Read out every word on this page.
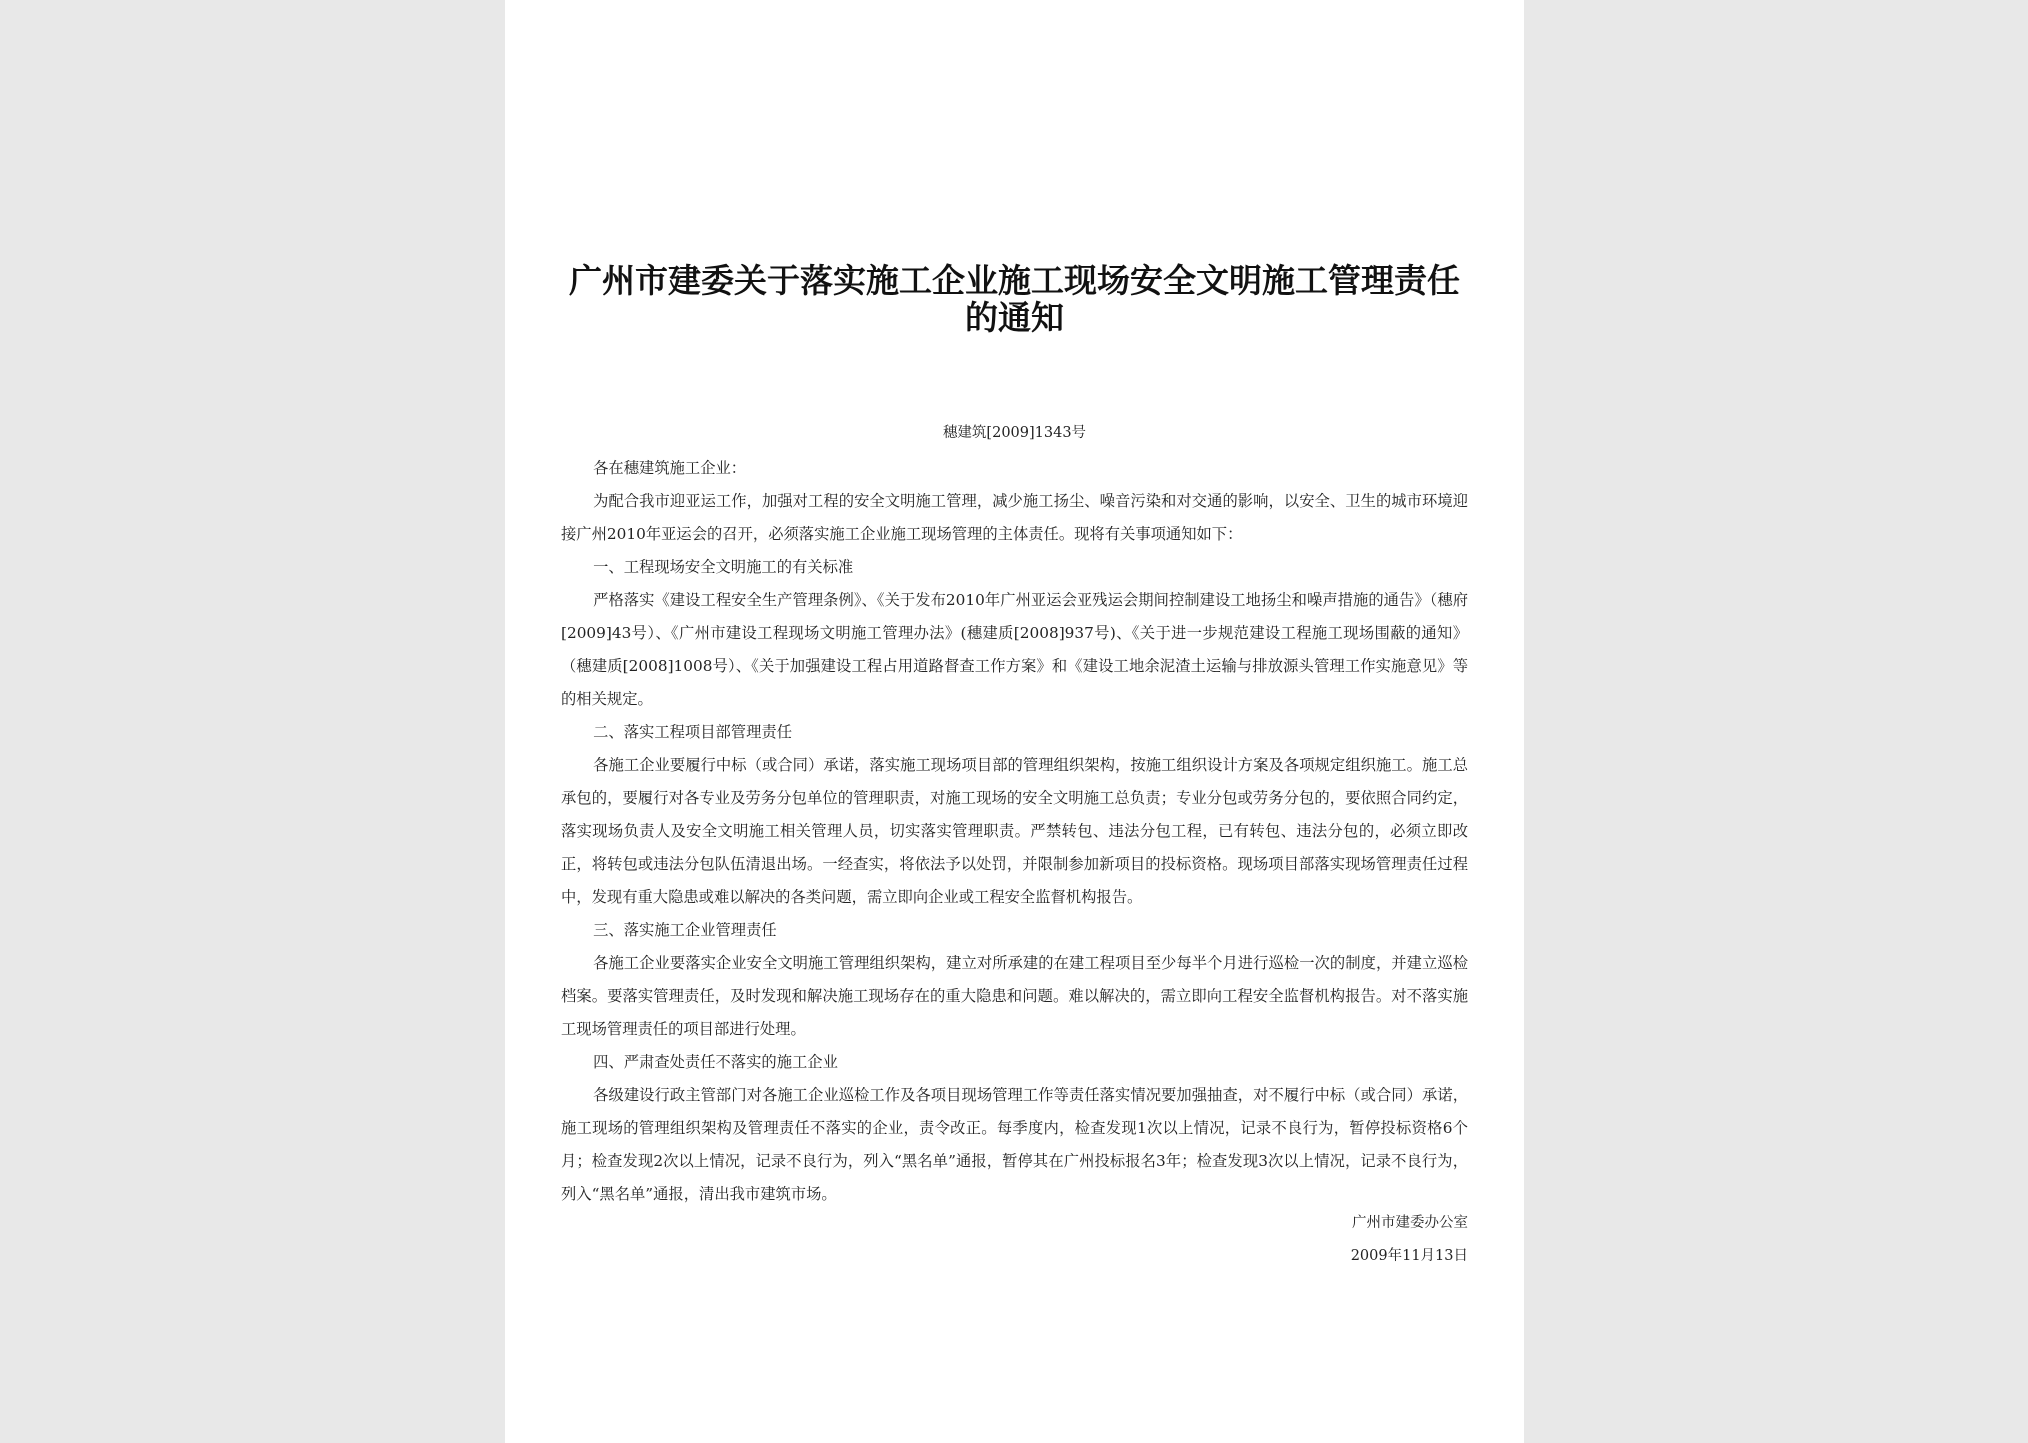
广州市建委关于落实施工企业施工现场安全文明施工管理责任的通知
穗建筑[2009]1343号

各在穗建筑施工企业：

为配合我市迎亚运工作，加强对工程的安全文明施工管理，减少施工扬尘、噪音污染和对交通的影响，以安全、卫生的城市环境迎接广州2010年亚运会的召开，必须落实施工企业施工现场管理的主体责任。现将有关事项通知如下：

一、工程现场安全文明施工的有关标准

严格落实《建设工程安全生产管理条例》、《关于发布2010年广州亚运会亚残运会期间控制建设工地扬尘和噪声措施的通告》（穗府[2009]43号）、《广州市建设工程现场文明施工管理办法》(穗建质[2008]937号)、《关于进一步规范建设工程施工现场围蔽的通知》（穗建质[2008]1008号）、《关于加强建设工程占用道路督查工作方案》和《建设工地余泥渣土运输与排放源头管理工作实施意见》等的相关规定。

二、落实工程项目部管理责任

各施工企业要履行中标（或合同）承诺，落实施工现场项目部的管理组织架构，按施工组织设计方案及各项规定组织施工。施工总承包的，要履行对各专业及劳务分包单位的管理职责，对施工现场的安全文明施工总负责；专业分包或劳务分包的，要依照合同约定，落实现场负责人及安全文明施工相关管理人员，切实落实管理职责。严禁转包、违法分包工程，已有转包、违法分包的，必须立即改正，将转包或违法分包队伍清退出场。一经查实，将依法予以处罚，并限制参加新项目的投标资格。现场项目部落实现场管理责任过程中，发现有重大隐患或难以解决的各类问题，需立即向企业或工程安全监督机构报告。

三、落实施工企业管理责任

各施工企业要落实企业安全文明施工管理组织架构，建立对所承建的在建工程项目至少每半个月进行巡检一次的制度，并建立巡检档案。要落实管理责任，及时发现和解决施工现场存在的重大隐患和问题。难以解决的，需立即向工程安全监督机构报告。对不落实施工现场管理责任的项目部进行处理。

四、严肃查处责任不落实的施工企业

各级建设行政主管部门对各施工企业巡检工作及各项目现场管理工作等责任落实情况要加强抽查，对不履行中标（或合同）承诺，施工现场的管理组织架构及管理责任不落实的企业，责令改正。每季度内，检查发现1次以上情况，记录不良行为，暂停投标资格6个月；检查发现2次以上情况，记录不良行为，列入“黑名单”通报，暂停其在广州投标报名3年；检查发现3次以上情况，记录不良行为，列入“黑名单”通报，清出我市建筑市场。

广州市建委办公室
2009年11月13日
